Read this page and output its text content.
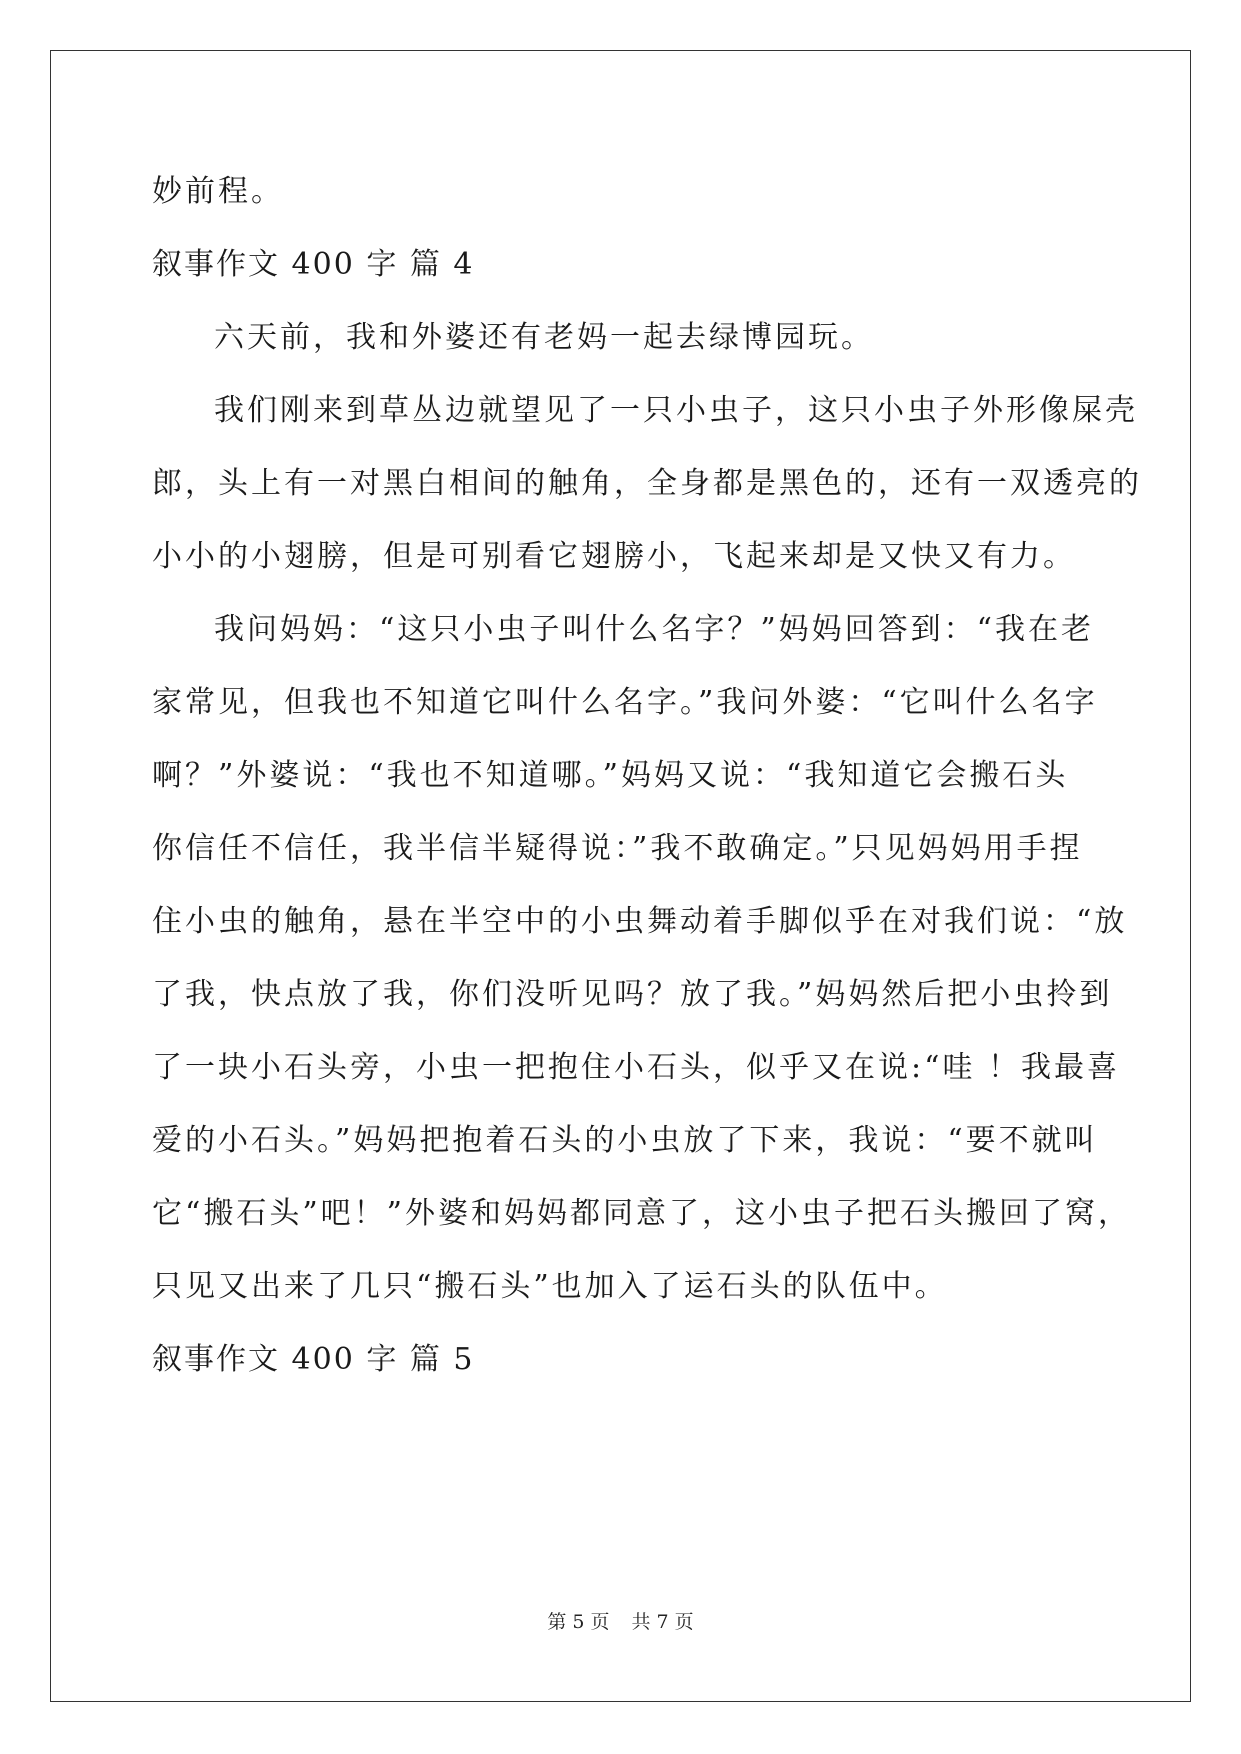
妙前程。
叙事作文 400 字 篇 4
六天前，我和外婆还有老妈一起去绿博园玩。
我们刚来到草丛边就望见了一只小虫子，这只小虫子外形像屎壳
郎，头上有一对黑白相间的触角，全身都是黑色的，还有一双透亮的
小小的小翅膀，但是可别看它翅膀小，飞起来却是又快又有力。
我问妈妈：“这只小虫子叫什么名字？”妈妈回答到：“我在老
家常见，但我也不知道它叫什么名字。”我问外婆：“它叫什么名字
啊？”外婆说：“我也不知道哪。”妈妈又说：“我知道它会搬石头
你信任不信任，我半信半疑得说：”我不敢确定。”只见妈妈用手捏
住小虫的触角，悬在半空中的小虫舞动着手脚似乎在对我们说：“放
了我，快点放了我，你们没听见吗？放了我。”妈妈然后把小虫拎到
了一块小石头旁，小虫一把抱住小石头，似乎又在说:“哇 ！我最喜
爱的小石头。”妈妈把抱着石头的小虫放了下来，我说：“要不就叫
它“搬石头”吧！”外婆和妈妈都同意了，这小虫子把石头搬回了窝，
只见又出来了几只“搬石头”也加入了运石头的队伍中。
叙事作文 400 字 篇 5
第 5 页 共 7 页
